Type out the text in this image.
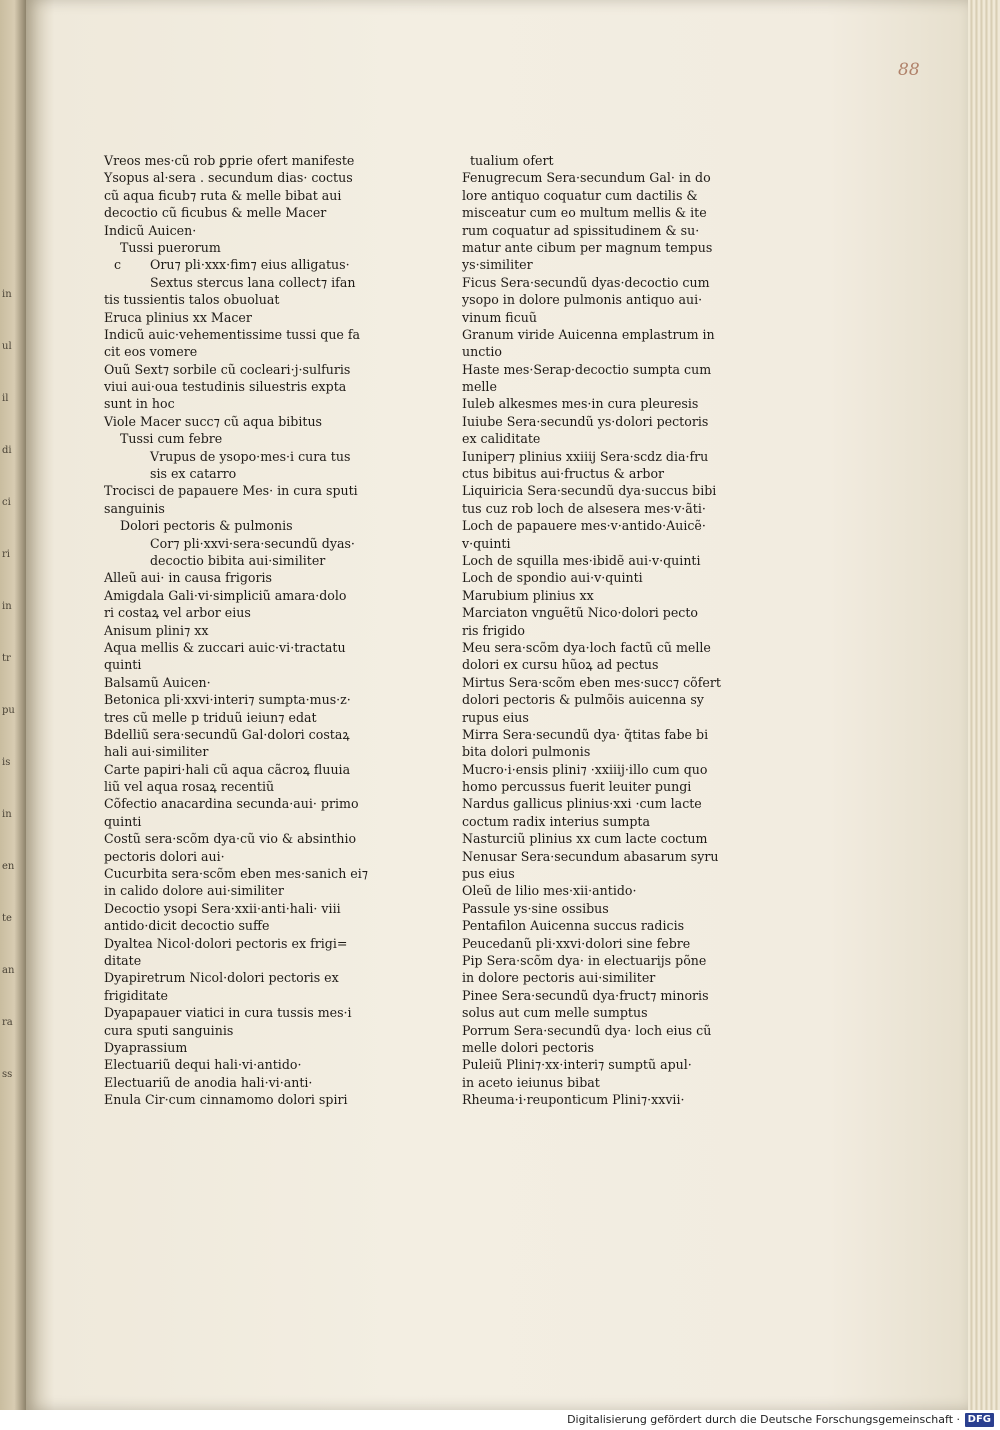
in
ul
il
di
ci
ri
in
tr
pu
is
in
en
te
an
ra
ss
Vreos mes·cũ rob ꝑprie ofert manifeste
Ysopus al·sera . secundum dias· coctus
cũ aqua ficub⁊ ruta & melle bibat aui
decoctio cũ ficubus & melle Macer
Indicũ Auicen·
Tussi puerorum
c Oru⁊ pli·xxx·fim⁊ eius alligatus·
Sextus stercus lana collect⁊ ifan
tis tussientis talos obuoluat
Eruca plinius xx Macer
Indicũ auic·vehementissime tussi que fa
cit eos vomere
Ouũ Sext⁊ sorbile cũ cocleari·j·sulfuris
viui aui·oua testudinis siluestris expta
sunt in hoc
Viole Macer succ⁊ cũ aqua bibitus
Tussi cum febre
Vrupus de ysopo·mes·i cura tus
sis ex catarro
Trocisci de papauere Mes· in cura sputi
sanguinis
Dolori pectoris & pulmonis
Cor⁊ pli·xxvi·sera·secundũ dyas·
decoctio bibita aui·similiter
Alleũ aui· in causa frigoris
Amigdala Gali·vi·simpliciũ amara·dolo
ri costaꝝ vel arbor eius
Anisum plini⁊ xx
Aqua mellis & zuccari auic·vi·tractatu
quinti
Balsamũ Auicen·
Betonica pli·xxvi·interi⁊ sumpta·mus·z·
tres cũ melle p triduũ ieiun⁊ edat
Bdelliũ sera·secundũ Gal·dolori costaꝝ
hali aui·similiter
Carte papiri·hali cũ aqua cãcroꝝ fluuia
liũ vel aqua rosaꝝ recentiũ
Cõfectio anacardina secunda·aui· primo
quinti
Costũ sera·scõm dya·cũ vio & absinthio
pectoris dolori aui·
Cucurbita sera·scõm eben mes·sanich ei⁊
in calido dolore aui·similiter
Decoctio ysopi Sera·xxii·anti·hali· viii
antido·dicit decoctio suffe
Dyaltea Nicol·dolori pectoris ex frigi=
ditate
Dyapiretrum Nicol·dolori pectoris ex
frigiditate
Dyapapauer viatici in cura tussis mes·i
cura sputi sanguinis
Dyaprassium
Electuariũ dequi hali·vi·antido·
Electuariũ de anodia hali·vi·anti·
Enula Cir·cum cinnamomo dolori spiri
tualium ofert
Fenugrecum Sera·secundum Gal· in do
lore antiquo coquatur cum dactilis &
misceatur cum eo multum mellis & ite
rum coquatur ad spissitudinem & su·
matur ante cibum per magnum tempus
ys·similiter
Ficus Sera·secundũ dyas·decoctio cum
ysopo in dolore pulmonis antiquo aui·
vinum ficuũ
Granum viride Auicenna emplastrum in
unctio
Haste mes·Serap·decoctio sumpta cum
melle
Iuleb alkesmes mes·in cura pleuresis
Iuiube Sera·secundũ ys·dolori pectoris
ex caliditate
Iuniper⁊ plinius xxiiij Sera·scdz dia·fru
ctus bibitus aui·fructus & arbor
Liquiricia Sera·secundũ dya·succus bibi
tus cuz rob loch de alsesera mes·v·ãti·
Loch de papauere mes·v·antido·Auicẽ·
v·quinti
Loch de squilla mes·ibidẽ aui·v·quinti
Loch de spondio aui·v·quinti
Marubium plinius xx
Marciaton vnguẽtũ Nico·dolori pecto
ris frigido
Meu sera·scõm dya·loch factũ cũ melle
dolori ex cursu hũoꝝ ad pectus
Mirtus Sera·scõm eben mes·succ⁊ cõfert
dolori pectoris & pulmõis auicenna sy
rupus eius
Mirra Sera·secundũ dya· q̃titas fabe bi
bita dolori pulmonis
Mucro·i·ensis plini⁊ ·xxiiij·illo cum quo
homo percussus fuerit leuiter pungi
Nardus gallicus plinius·xxi ·cum lacte
coctum radix interius sumpta
Nasturciũ plinius xx cum lacte coctum
Nenusar Sera·secundum abasarum syru
pus eius
Oleũ de lilio mes·xii·antido·
Passule ys·sine ossibus
Pentafilon Auicenna succus radicis
Peucedanũ pli·xxvi·dolori sine febre
Pip Sera·scõm dya· in electuarijs põne
in dolore pectoris aui·similiter
Pinee Sera·secundũ dya·fruct⁊ minoris
solus aut cum melle sumptus
Porrum Sera·secundũ dya· loch eius cũ
melle dolori pectoris
Puleiũ Plini⁊·xx·interi⁊ sumptũ apul·
in aceto ieiunus bibat
Rheuma·i·reuponticum Plini⁊·xxvii·
88
Digitalisierung gefördert durch die Deutsche Forschungsgemeinschaft · DFG
